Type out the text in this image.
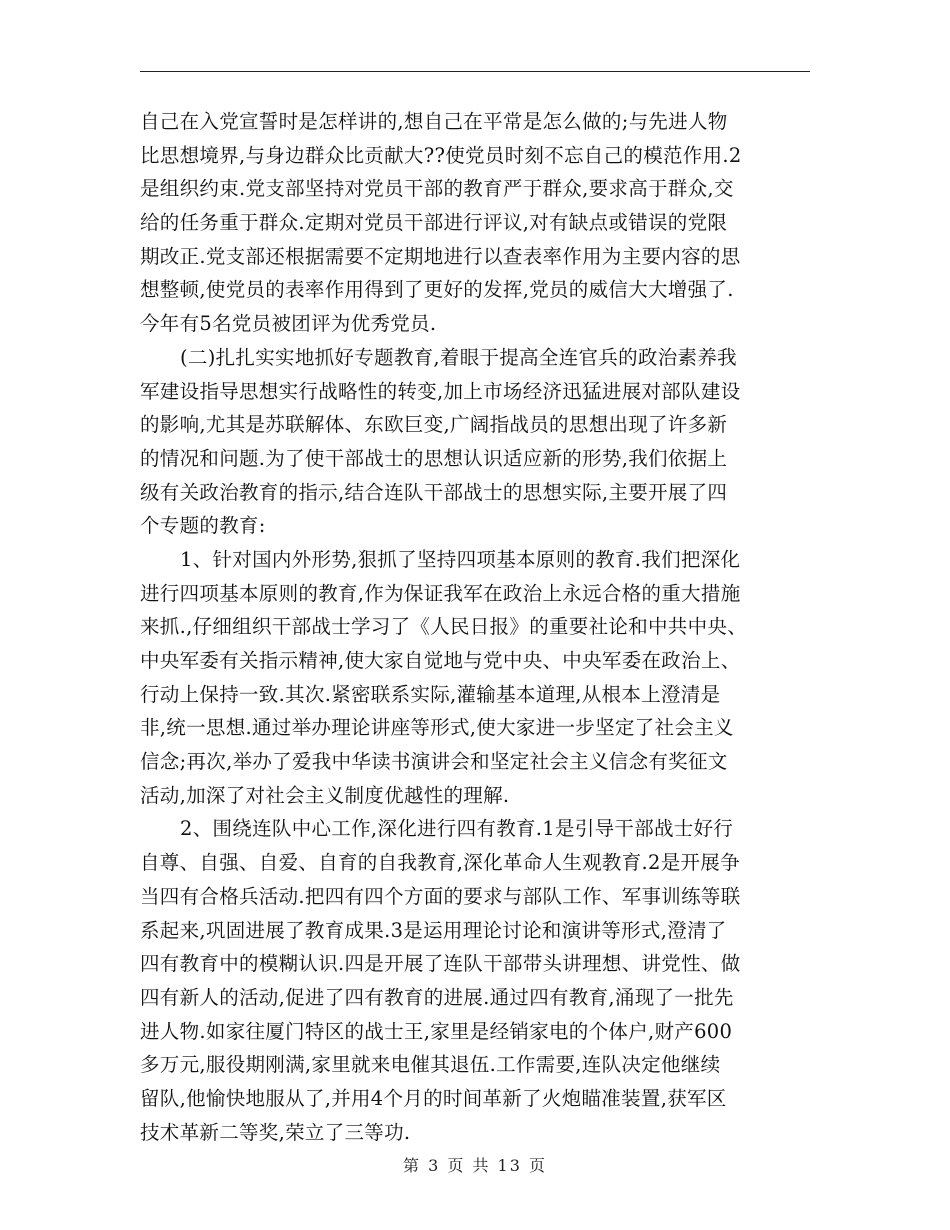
自己在入党宣誓时是怎样讲的,想自己在平常是怎么做的;与先进人物
比思想境界,与身边群众比贡献大??使党员时刻不忘自己的模范作用.2
是组织约束.党支部坚持对党员干部的教育严于群众,要求高于群众,交
给的任务重于群众.定期对党员干部进行评议,对有缺点或错误的党限
期改正.党支部还根据需要不定期地进行以查表率作用为主要内容的思
想整顿,使党员的表率作用得到了更好的发挥,党员的威信大大增强了.
今年有5名党员被团评为优秀党员.
(二)扎扎实实地抓好专题教育,着眼于提高全连官兵的政治素养我
军建设指导思想实行战略性的转变,加上市场经济迅猛进展对部队建设
的影响,尤其是苏联解体、东欧巨变,广阔指战员的思想出现了许多新
的情况和问题.为了使干部战士的思想认识适应新的形势,我们依据上
级有关政治教育的指示,结合连队干部战士的思想实际,主要开展了四
个专题的教育:
1、针对国内外形势,狠抓了坚持四项基本原则的教育.我们把深化
进行四项基本原则的教育,作为保证我军在政治上永远合格的重大措施
来抓.,仔细组织干部战士学习了《人民日报》的重要社论和中共中央、
中央军委有关指示精神,使大家自觉地与党中央、中央军委在政治上、
行动上保持一致.其次.紧密联系实际,灌输基本道理,从根本上澄清是
非,统一思想.通过举办理论讲座等形式,使大家进一步坚定了社会主义
信念;再次,举办了爱我中华读书演讲会和坚定社会主义信念有奖征文
活动,加深了对社会主义制度优越性的理解.
2、围绕连队中心工作,深化进行四有教育.1是引导干部战士好行
自尊、自强、自爱、自育的自我教育,深化革命人生观教育.2是开展争
当四有合格兵活动.把四有四个方面的要求与部队工作、军事训练等联
系起来,巩固进展了教育成果.3是运用理论讨论和演讲等形式,澄清了
四有教育中的模糊认识.四是开展了连队干部带头讲理想、讲党性、做
四有新人的活动,促进了四有教育的进展.通过四有教育,涌现了一批先
进人物.如家往厦门特区的战士王,家里是经销家电的个体户,财产600
多万元,服役期刚满,家里就来电催其退伍.工作需要,连队决定他继续
留队,他愉快地服从了,并用4个月的时间革新了火炮瞄准装置,获军区
技术革新二等奖,荣立了三等功.
第 3 页 共 13 页
